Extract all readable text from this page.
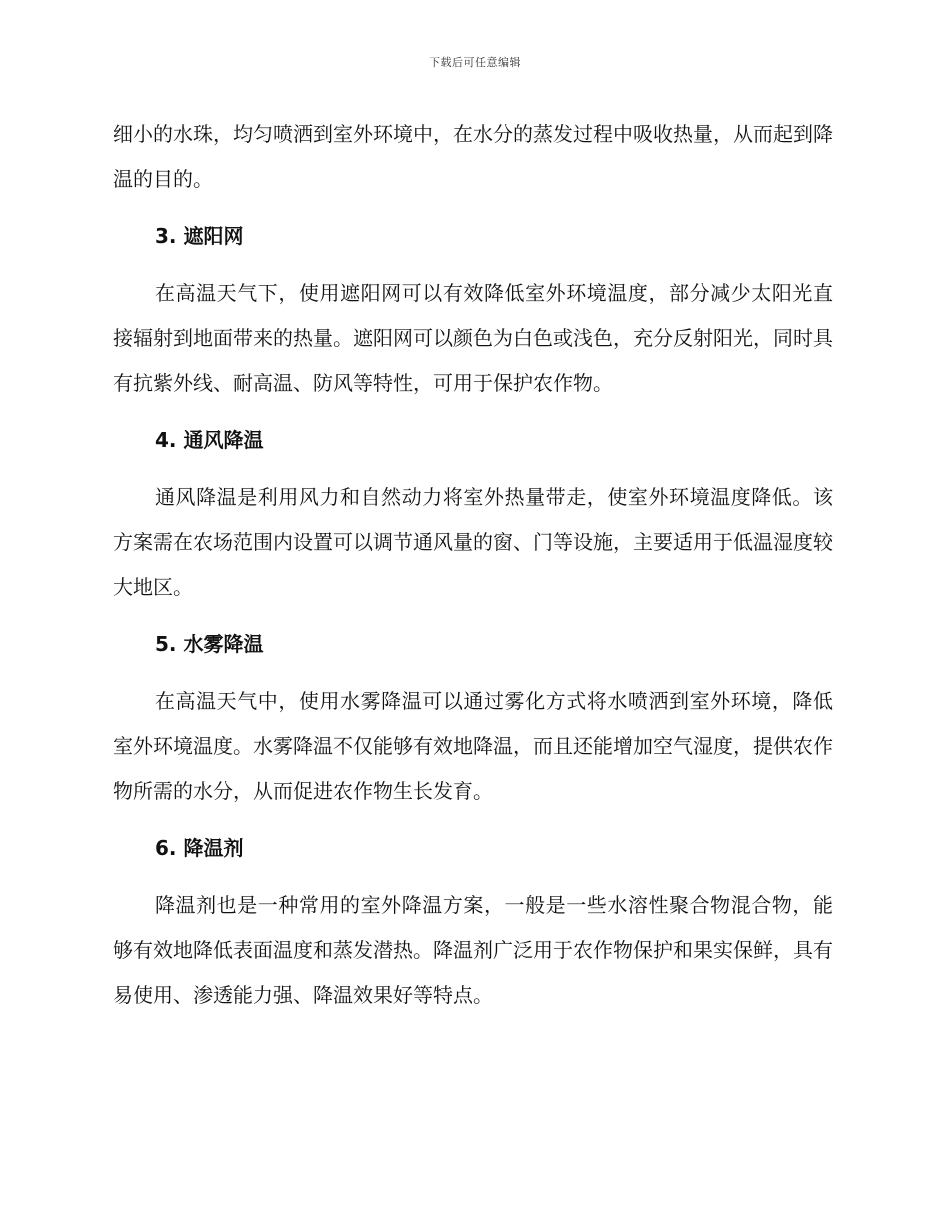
下载后可任意编辑

细小的水珠，均匀喷洒到室外环境中，在水分的蒸发过程中吸收热量，从而起到降温的目的。

3. 遮阳网

在高温天气下，使用遮阳网可以有效降低室外环境温度，部分减少太阳光直接辐射到地面带来的热量。遮阳网可以颜色为白色或浅色，充分反射阳光，同时具有抗紫外线、耐高温、防风等特性，可用于保护农作物。

4. 通风降温

通风降温是利用风力和自然动力将室外热量带走，使室外环境温度降低。该方案需在农场范围内设置可以调节通风量的窗、门等设施，主要适用于低温湿度较大地区。

5. 水雾降温

在高温天气中，使用水雾降温可以通过雾化方式将水喷洒到室外环境，降低室外环境温度。水雾降温不仅能够有效地降温，而且还能增加空气湿度，提供农作物所需的水分，从而促进农作物生长发育。

6. 降温剂

降温剂也是一种常用的室外降温方案，一般是一些水溶性聚合物混合物，能够有效地降低表面温度和蒸发潜热。降温剂广泛用于农作物保护和果实保鲜，具有易使用、渗透能力强、降温效果好等特点。
